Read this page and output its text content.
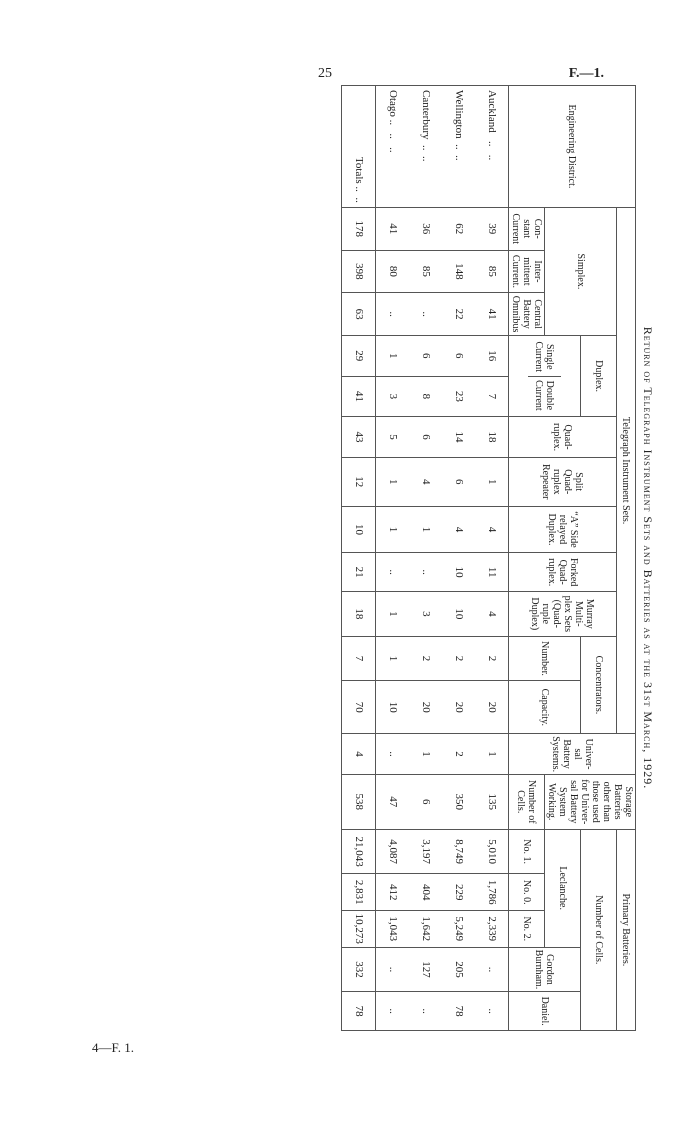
25	F.—1.
4—F. 1.
Return of Telegraph Instrument Sets and Batteries as at the 31st March, 1929.
Engineering District.	Telegraph Instrument Sets.	Univer-sal Battery Systems.	Storage Batteries other than those used for Univer-sal Battery System Working.	Primary Batteries.
Simplex.	Duplex.	Quad-ruplex.	Split Quad-ruplex Repeater	“A” Side relayed Duplex.	Forked Quad-ruplex.	Murray Multi-plex Sets (Quad-ruple Duplex)	Concentrators.	Number of Cells.

Single Current	Double Current
	Number.	Capacity.	Leclanche.	Gordon Burnham.	Daniel.
Con-stant Current	Inter-mittent Current.	Central Battery Omnibus	Number of Cells.	No. 1.	No. 0.	No. 2.
Auckland   ..   ..	39	85	41	16	7	18	1	4	11	4	2	20	1	135	5,010	1,786	2,339	..	..
Wellington  ..  ..	62	148	22	6	23	14	6	4	10	10	2	20	2	350	8,749	229	5,249	205	78
Canterbury  ..  ..	36	85	..	6	8	6	4	1	..	3	2	20	1	6	3,197	404	1,642	127	..
Otago ..   ..   ..	41	80	..	1	3	5	1	1	..	1	1	10	..	47	4,087	412	1,043	..	..
Totals ..  ..	178	398	63	29	41	43	12	10	21	18	7	70	4	538	21,043	2,831	10,273	332	78
